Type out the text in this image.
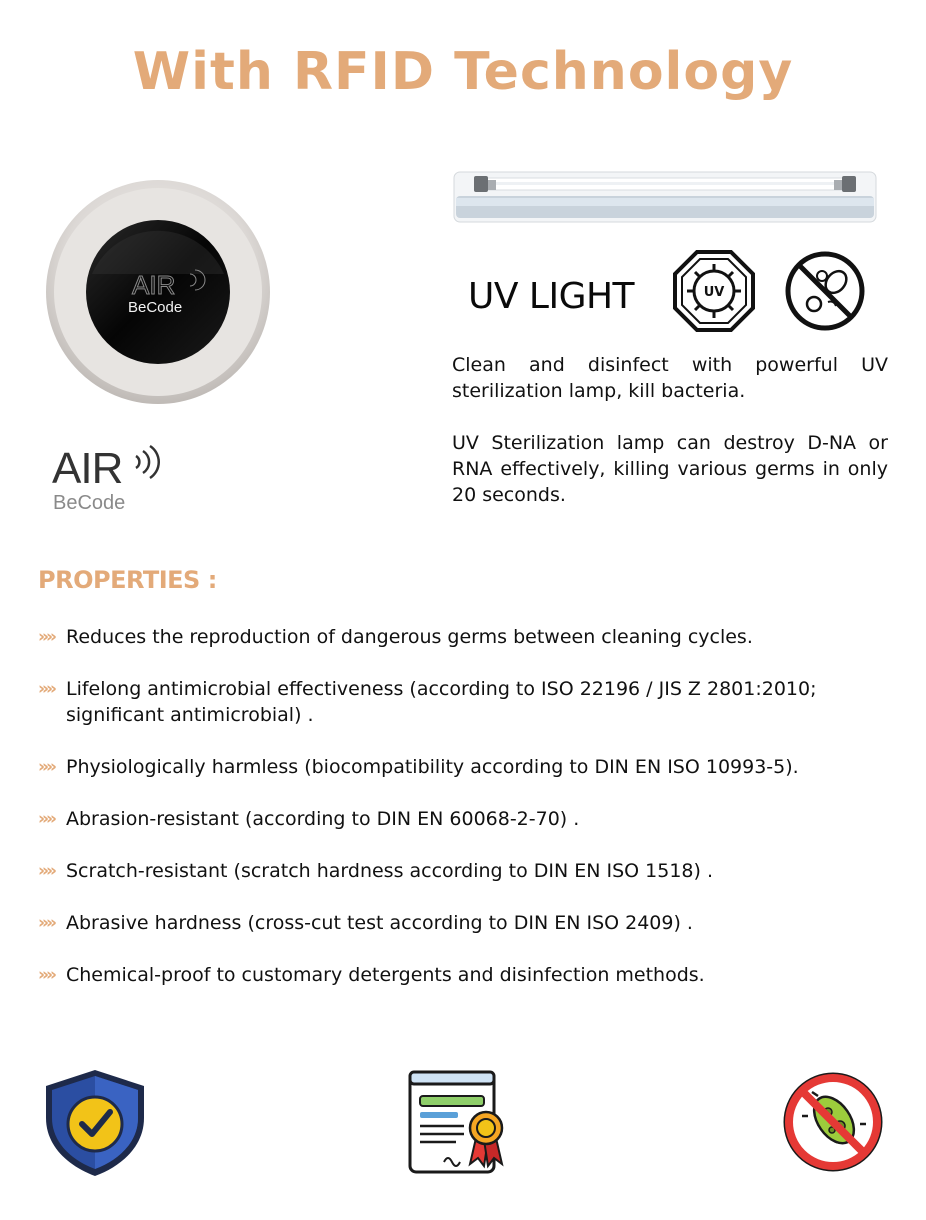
With RFID Technology
AIR
BeCode
AIR
BeCode
UV LIGHT	UV

Clean and disinfect with powerful UV sterilization lamp, kill bacteria.

UV Sterilization lamp can destroy D-NA or RNA effectively, killing various germs in only 20 seconds.

PROPERTIES :
»» Reduces the reproduction of dangerous germs between cleaning cycles.
»» Lifelong antimicrobial effectiveness (according to ISO 22196 / JIS Z 2801:2010; significant antimicrobial) .
»» Physiologically harmless (biocompatibility according to DIN EN ISO 10993-5).
»» Abrasion-resistant (according to DIN EN 60068-2-70) .
»» Scratch-resistant (scratch hardness according to DIN EN ISO 1518) .
»» Abrasive hardness (cross-cut test according to DIN EN ISO 2409) .
»» Chemical-proof to customary detergents and disinfection methods.
